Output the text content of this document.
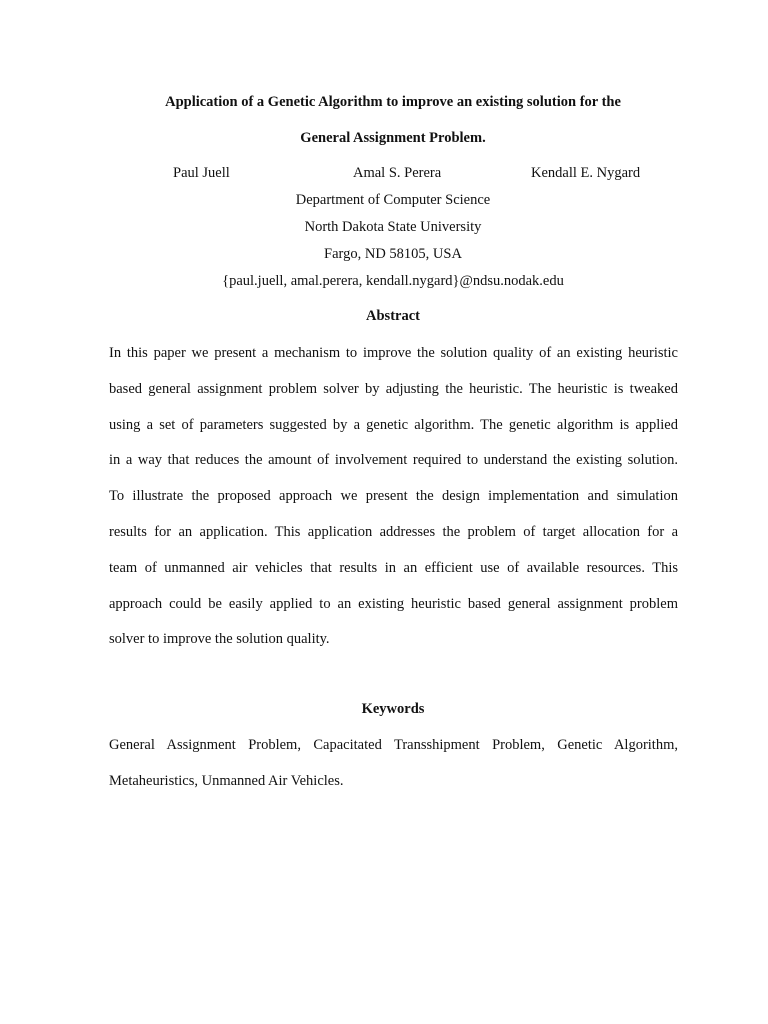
Application of a Genetic Algorithm to improve an existing solution for the
General Assignment Problem.
Paul Juell	Amal S. Perera	Kendall E. Nygard
Department of Computer Science
North Dakota State University
Fargo, ND 58105, USA
{paul.juell, amal.perera, kendall.nygard}@ndsu.nodak.edu
Abstract
In this paper we present a mechanism to improve the solution quality of an existing heuristic
based general assignment problem solver by adjusting the heuristic. The heuristic is tweaked
using a set of parameters suggested by a genetic algorithm. The genetic algorithm is applied
in a way that reduces the amount of involvement required to understand the existing solution.
To illustrate the proposed approach we present the design implementation and simulation
results for an application. This application addresses the problem of target allocation for a
team of unmanned air vehicles that results in an efficient use of available resources. This
approach could be easily applied to an existing heuristic based general assignment problem
solver to improve the solution quality.
Keywords
General Assignment Problem, Capacitated Transshipment Problem, Genetic Algorithm,
Metaheuristics, Unmanned Air Vehicles.
